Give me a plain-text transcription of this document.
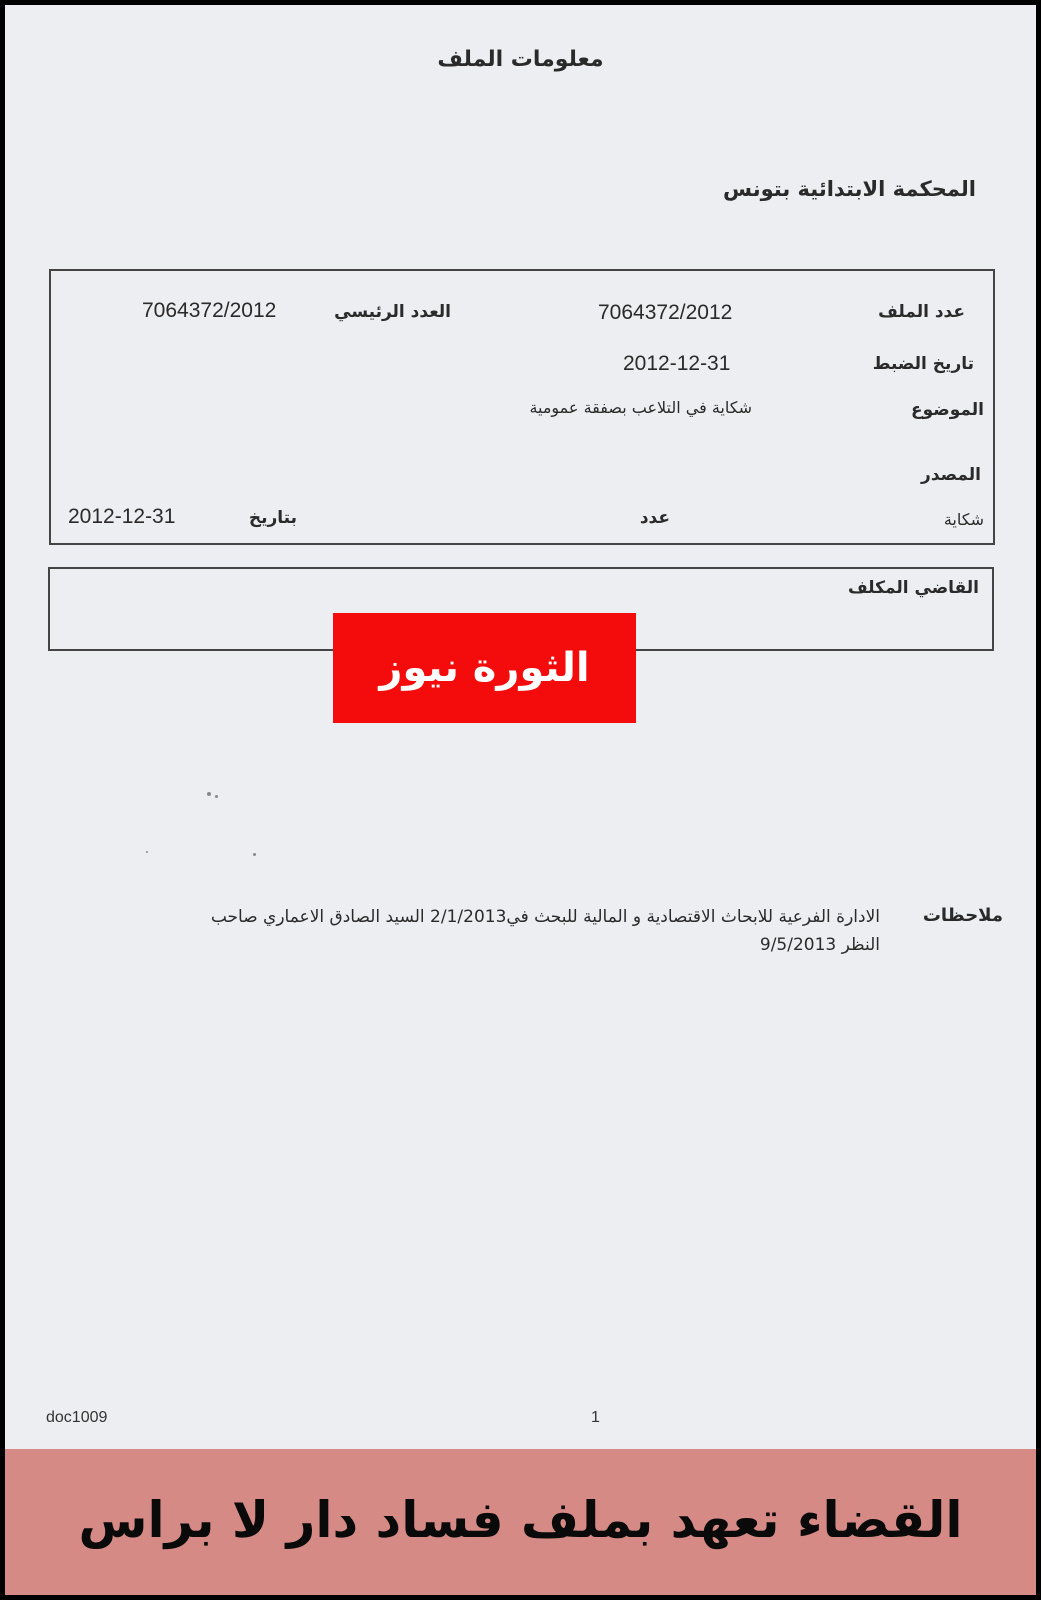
معلومات الملف
المحكمة الابتدائية بتونس
عدد الملف
7064372/2012
العدد الرئيسي
7064372/2012
تاريخ الضبط
2012-12-31
الموضوع
شكاية في التلاعب بصفقة عمومية
المصدر
شكاية
عدد
بتاريخ
2012-12-31
القاضي المكلف
الثورة نيوز
ملاحظات
الادارة الفرعية للابحاث الاقتصادية و المالية للبحث في2/1/2013 السيد الصادق الاعماري صاحب
النظر 9/5/2013
doc1009	1
القضاء تعهد بملف فساد دار لا براس
